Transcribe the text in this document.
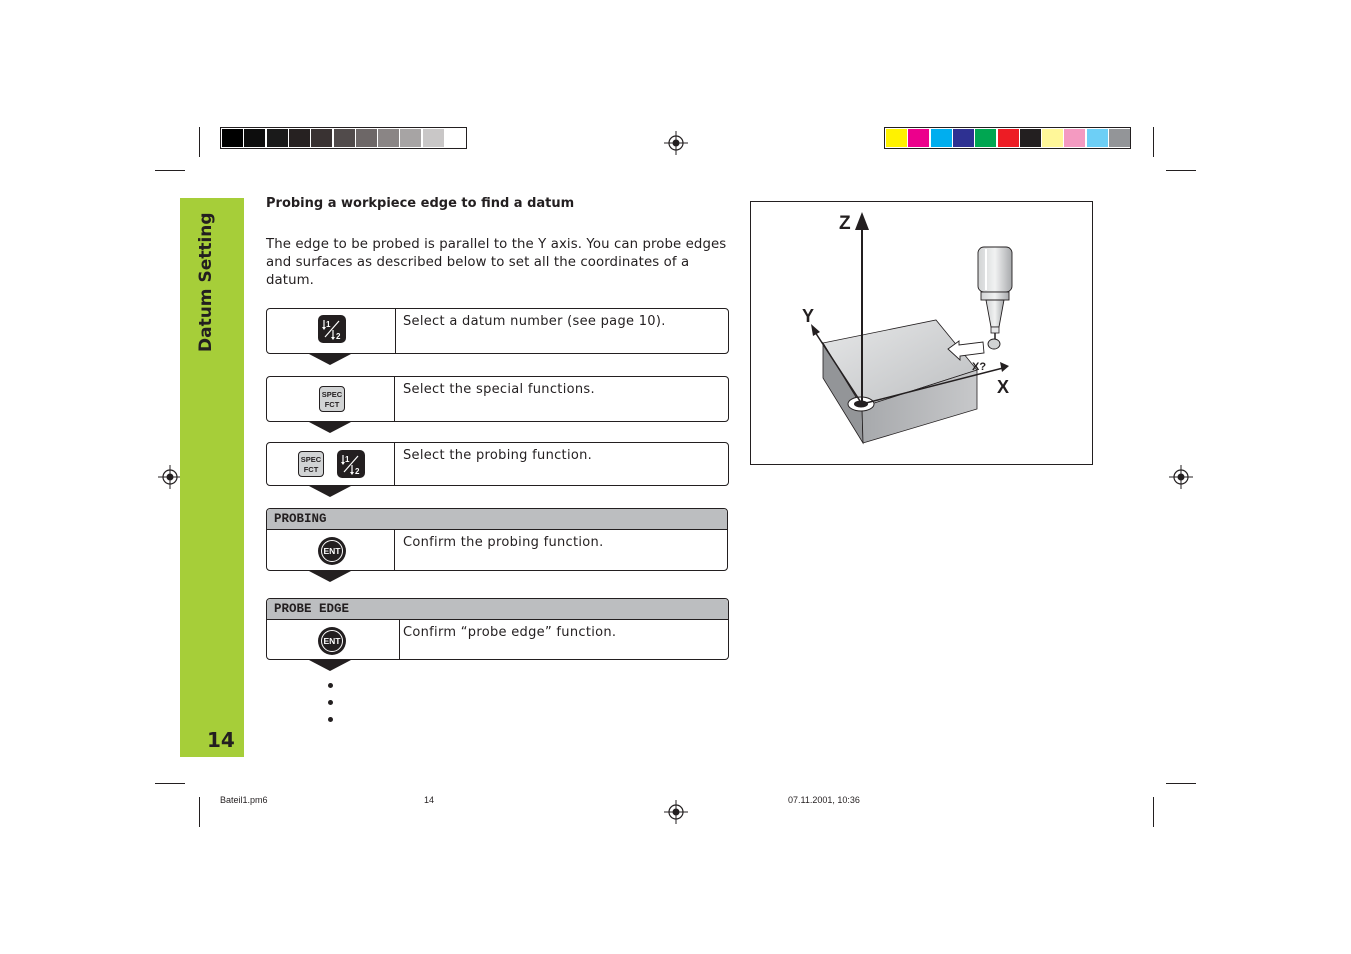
Datum Setting
14
Probing a workpiece edge to find a datum
The edge to be probed is parallel to the Y axis. You can probe edges
and surfaces as described below to set all the coordinates of a datum.
1
2
Select a datum number (see page 10).
SPEC
FCT
Select the special functions.
SPEC
FCT
1
2
Select the probing function.
PROBING
ENT
Confirm the probing function.
PROBE EDGE
ENT
Confirm “probe edge” function.
Z
Y
X
X?
Bateil1.pm6	14	07.11.2001, 10:36
